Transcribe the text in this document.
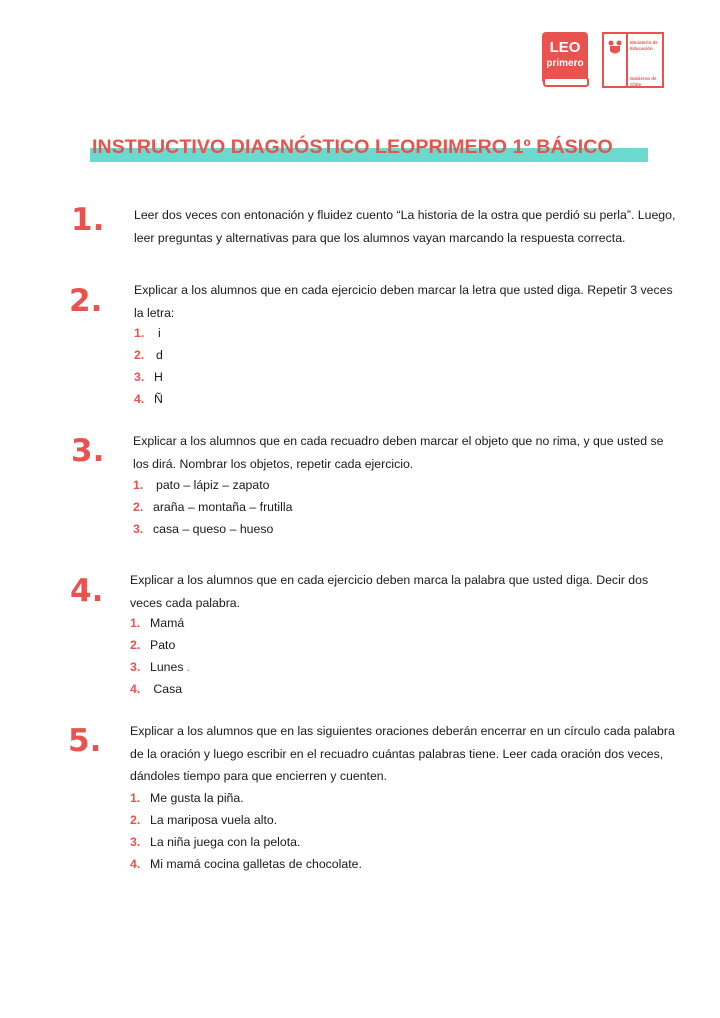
LEO
primero
Ministerio de
Educación
Gobierno de Chile
INSTRUCTIVO DIAGNÓSTICO LEOPRIMERO 1º BÁSICO
1. Leer dos veces con entonación y fluidez cuento “La historia de la ostra que perdió su perla”. Luego,
leer preguntas y alternativas para que los alumnos vayan marcando la respuesta correcta.
2.	Explicar a los alumnos que en cada ejercicio deben marcar la letra que usted diga. Repetir 3 veces
la letra:
1. i
2. d
3. H
4. Ñ
3. Explicar a los alumnos que en cada recuadro deben marcar el objeto que no rima, y que usted se
los dirá. Nombrar los objetos, repetir cada ejercicio.
1. pato – lápiz – zapato
2. araña – montaña – frutilla
3. casa – queso – hueso
4. Explicar a los alumnos que en cada ejercicio deben marca la palabra que usted diga. Decir dos
veces cada palabra.
1. Mamá
2. Pato
3. Lunes .
4. Casa
5. Explicar a los alumnos que en las siguientes oraciones deberán encerrar en un círculo cada palabra
de la oración y luego escribir en el recuadro cuántas palabras tiene. Leer cada oración dos veces,
dándoles tiempo para que encierren y cuenten.
1. Me gusta la piña.
2. La mariposa vuela alto.
3. La niña juega con la pelota.
4. Mi mamá cocina galletas de chocolate.
